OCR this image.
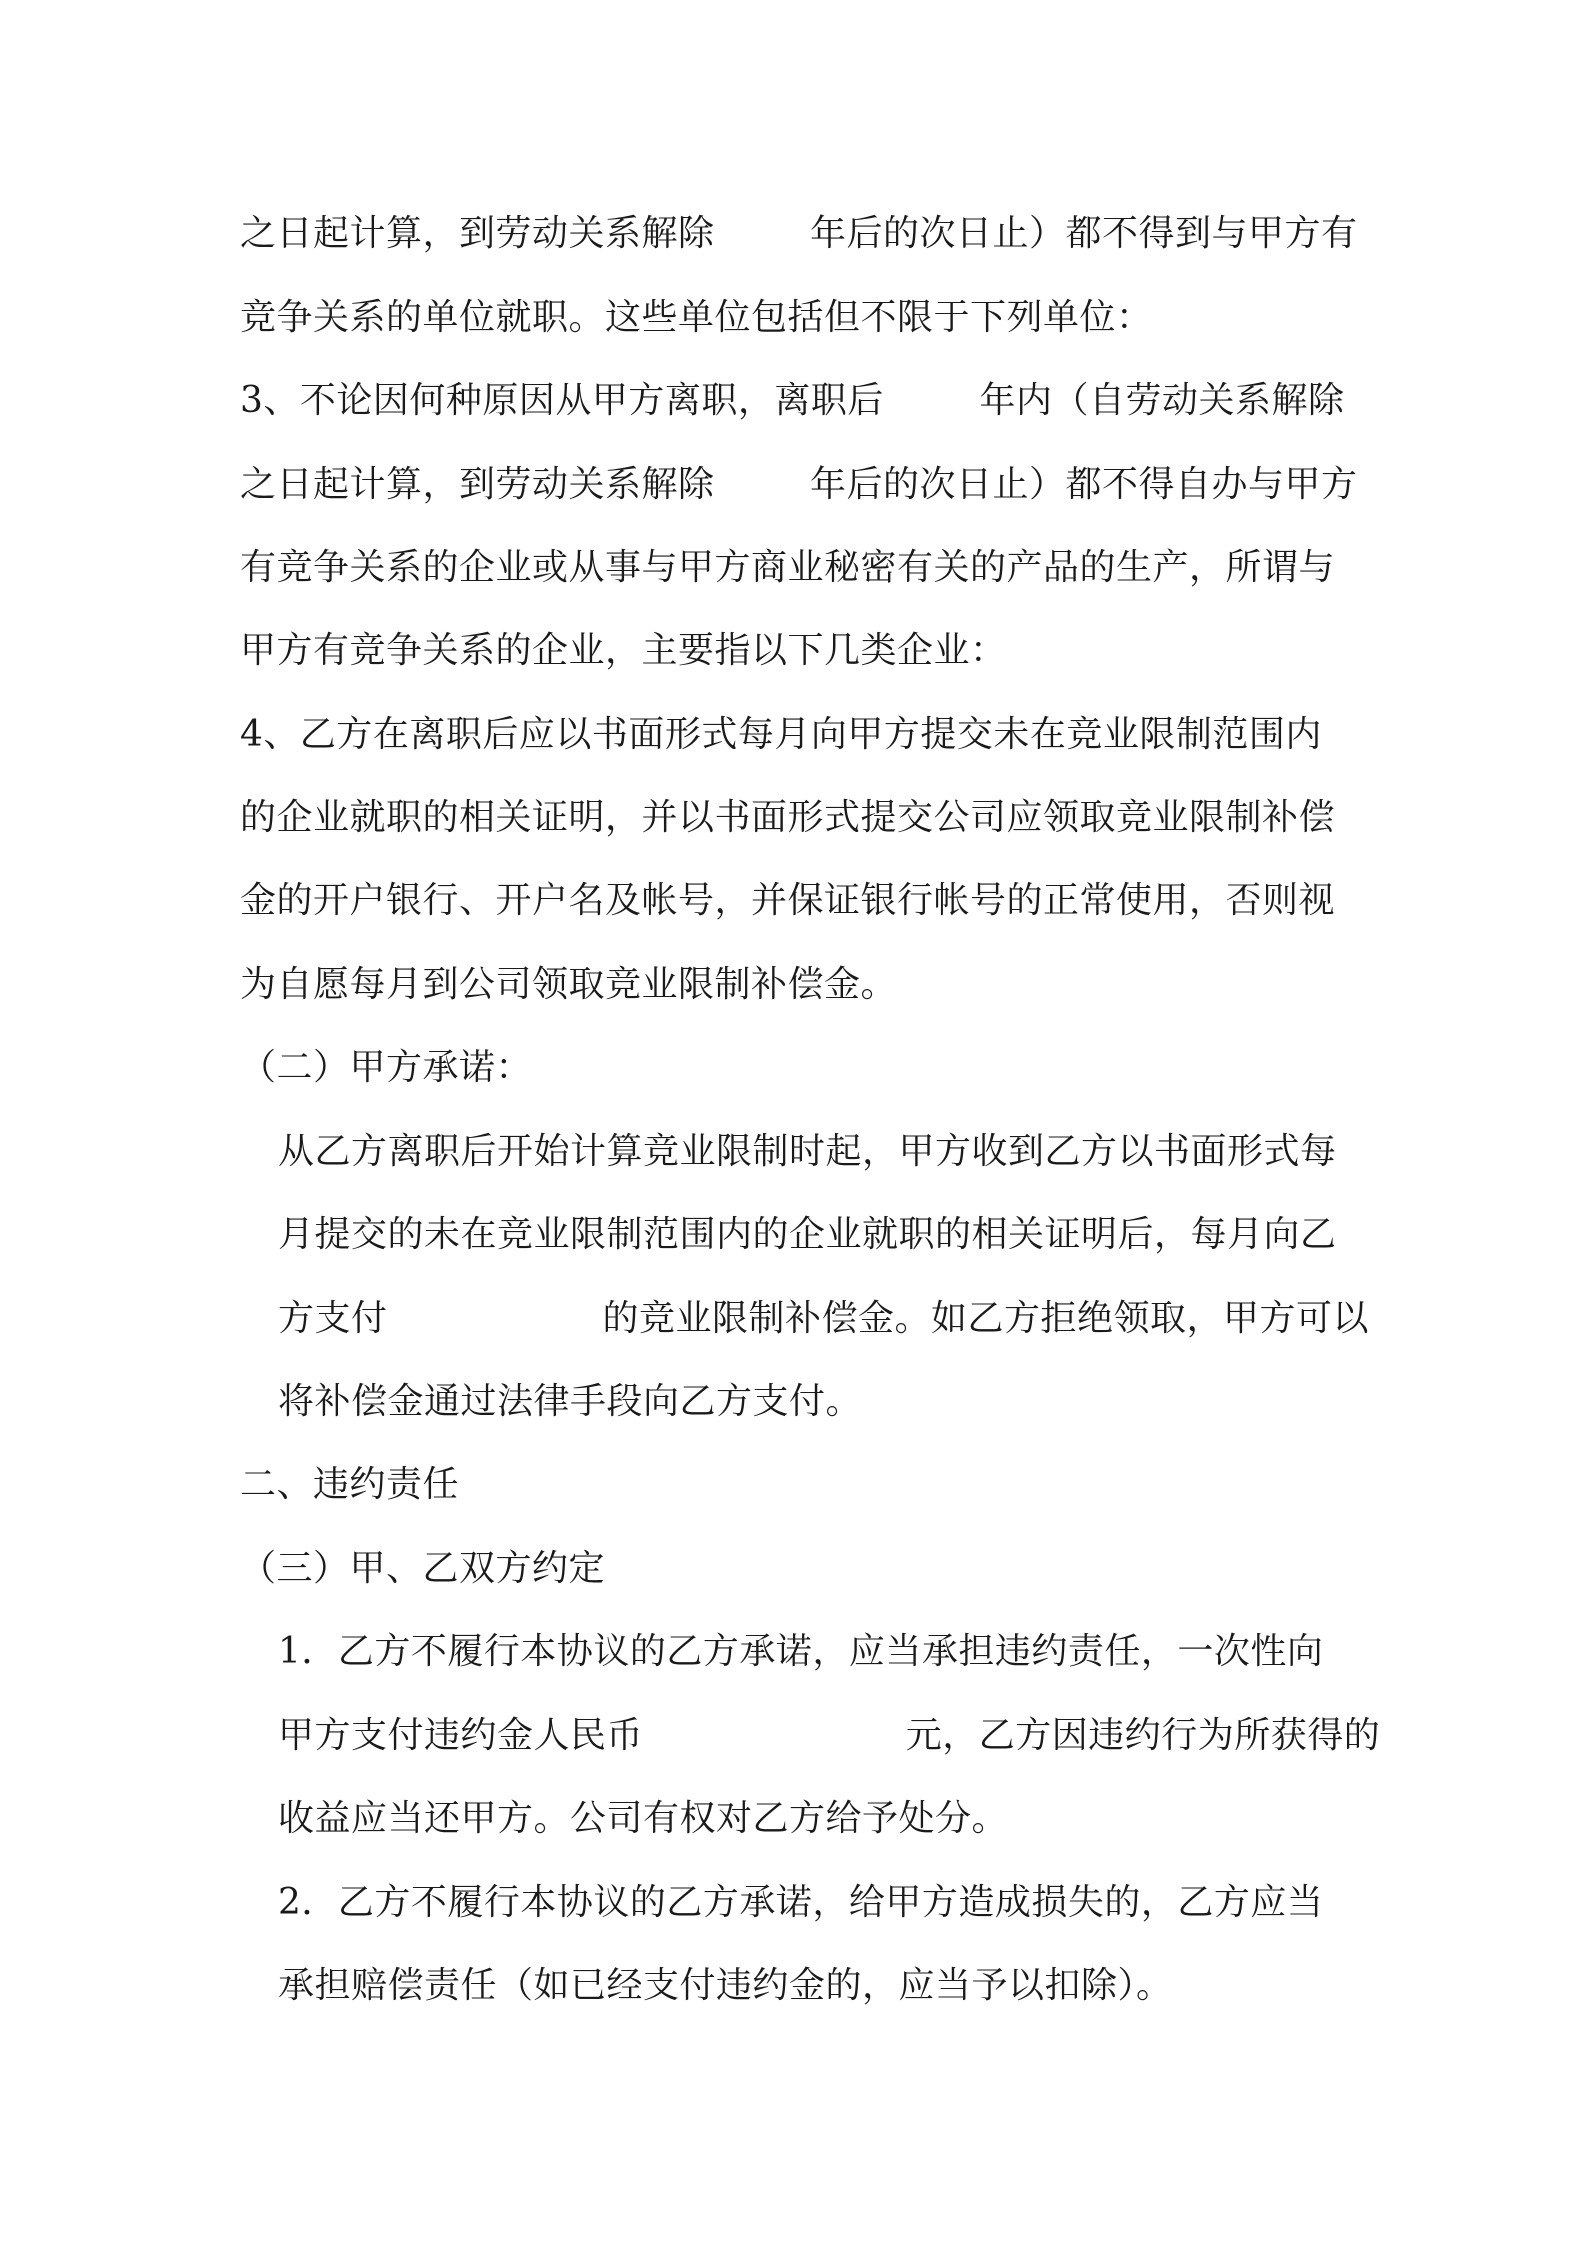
之日起计算，到劳动关系解除        年后的次日止）都不得到与甲方有
竞争关系的单位就职。这些单位包括但不限于下列单位：
3、不论因何种原因从甲方离职，离职后        年内（自劳动关系解除
之日起计算，到劳动关系解除        年后的次日止）都不得自办与甲方
有竞争关系的企业或从事与甲方商业秘密有关的产品的生产，所谓与
甲方有竞争关系的企业，主要指以下几类企业：
4、乙方在离职后应以书面形式每月向甲方提交未在竞业限制范围内
的企业就职的相关证明，并以书面形式提交公司应领取竞业限制补偿
金的开户银行、开户名及帐号，并保证银行帐号的正常使用，否则视
为自愿每月到公司领取竞业限制补偿金。
（二）甲方承诺：
从乙方离职后开始计算竞业限制时起，甲方收到乙方以书面形式每
月提交的未在竞业限制范围内的企业就职的相关证明后，每月向乙
方支付                  的竞业限制补偿金。如乙方拒绝领取，甲方可以
将补偿金通过法律手段向乙方支付。
二、违约责任
（三）甲、乙双方约定
1．乙方不履行本协议的乙方承诺，应当承担违约责任，一次性向
甲方支付违约金人民币                      元，乙方因违约行为所获得的
收益应当还甲方。公司有权对乙方给予处分。
2．乙方不履行本协议的乙方承诺，给甲方造成损失的，乙方应当
承担赔偿责任（如已经支付违约金的，应当予以扣除）。
